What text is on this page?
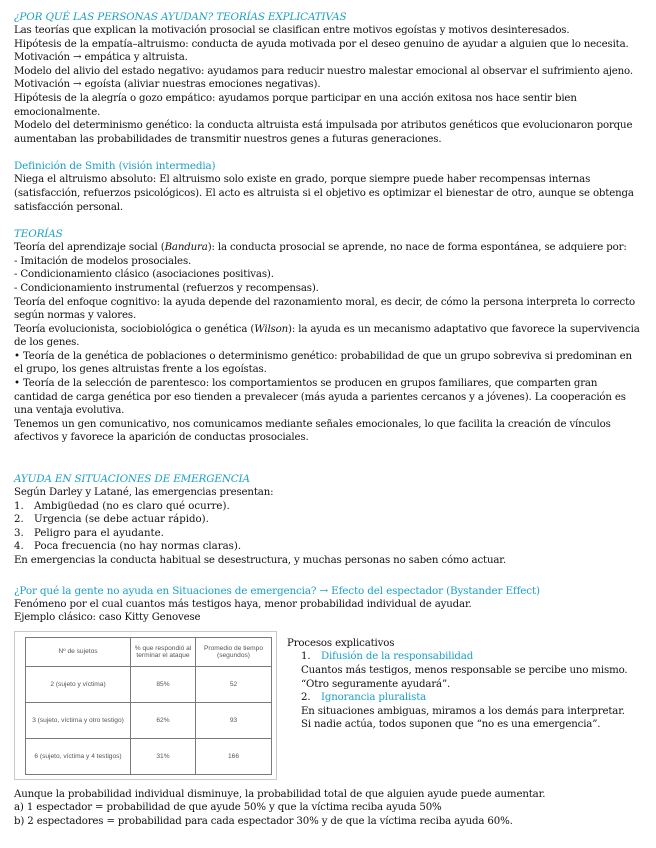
¿POR QUÉ LAS PERSONAS AYUDAN? TEORÍAS EXPLICATIVAS

Las teorías que explican la motivación prosocial se clasifican entre motivos egoístas y motivos desinteresados.

Hipótesis de la empatía–altruismo: conducta de ayuda motivada por el deseo genuino de ayudar a alguien que lo necesita.

Motivación → empática y altruista.

Modelo del alivio del estado negativo: ayudamos para reducir nuestro malestar emocional al observar el sufrimiento ajeno.

Motivación → egoísta (aliviar nuestras emociones negativas).

Hipótesis de la alegría o gozo empático: ayudamos porque participar en una acción exitosa nos hace sentir bien emocionalmente.

Modelo del determinismo genético: la conducta altruista está impulsada por atributos genéticos que evolucionaron porque aumentaban las probabilidades de transmitir nuestros genes a futuras generaciones.

Definición de Smith (visión intermedia)

Niega el altruismo absoluto: El altruismo solo existe en grado, porque siempre puede haber recompensas internas (satisfacción, refuerzos psicológicos). El acto es altruista si el objetivo es optimizar el bienestar de otro, aunque se obtenga satisfacción personal.

TEORÍAS

Teoría del aprendizaje social (Bandura): la conducta prosocial se aprende, no nace de forma espontánea, se adquiere por:

- Imitación de modelos prosociales.

- Condicionamiento clásico (asociaciones positivas).

- Condicionamiento instrumental (refuerzos y recompensas).

Teoría del enfoque cognitivo: la ayuda depende del razonamiento moral, es decir, de cómo la persona interpreta lo correcto según normas y valores.

Teoría evolucionista, sociobiológica o genética (Wilson): la ayuda es un mecanismo adaptativo que favorece la supervivencia de los genes.

• Teoría de la genética de poblaciones o determinismo genético: probabilidad de que un grupo sobreviva si predominan en el grupo, los genes altruistas frente a los egoístas.

• Teoría de la selección de parentesco: los comportamientos se producen en grupos familiares, que comparten gran cantidad de carga genética por eso tienden a prevalecer (más ayuda a parientes cercanos y a jóvenes). La cooperación es una ventaja evolutiva.

Tenemos un gen comunicativo, nos comunicamos mediante señales emocionales, lo que facilita la creación de vínculos afectivos y favorece la aparición de conductas prosociales.

AYUDA EN SITUACIONES DE EMERGENCIA

Según Darley y Latané, las emergencias presentan:

1. Ambigüedad (no es claro qué ocurre).
2. Urgencia (se debe actuar rápido).
3. Peligro para el ayudante.
4. Poca frecuencia (no hay normas claras).

En emergencias la conducta habitual se desestructura, y muchas personas no saben cómo actuar.

¿Por qué la gente no ayuda en Situaciones de emergencia? → Efecto del espectador (Bystander Effect)

Fenómeno por el cual cuantos más testigos haya, menor probabilidad individual de ayudar.

Ejemplo clásico: caso Kitty Genovese

Nº de sujetos	% que respondió al terminar el ataque	Promedio de tiempo (segundos)
2 (sujeto y víctima)	85%	52
3 (sujeto, víctima y otro testigo)	62%	93
6 (sujeto, víctima y 4 testigos)	31%	166

Procesos explicativos

1. Difusión de la responsabilidad

Cuantos más testigos, menos responsable se percibe uno mismo.

“Otro seguramente ayudará”.

2. Ignorancia pluralista

En situaciones ambiguas, miramos a los demás para interpretar.

Si nadie actúa, todos suponen que “no es una emergencia”.

Aunque la probabilidad individual disminuye, la probabilidad total de que alguien ayude puede aumentar.

a) 1 espectador = probabilidad de que ayude 50% y que la víctima reciba ayuda 50%

b) 2 espectadores = probabilidad para cada espectador 30% y de que la víctima reciba ayuda 60%.
